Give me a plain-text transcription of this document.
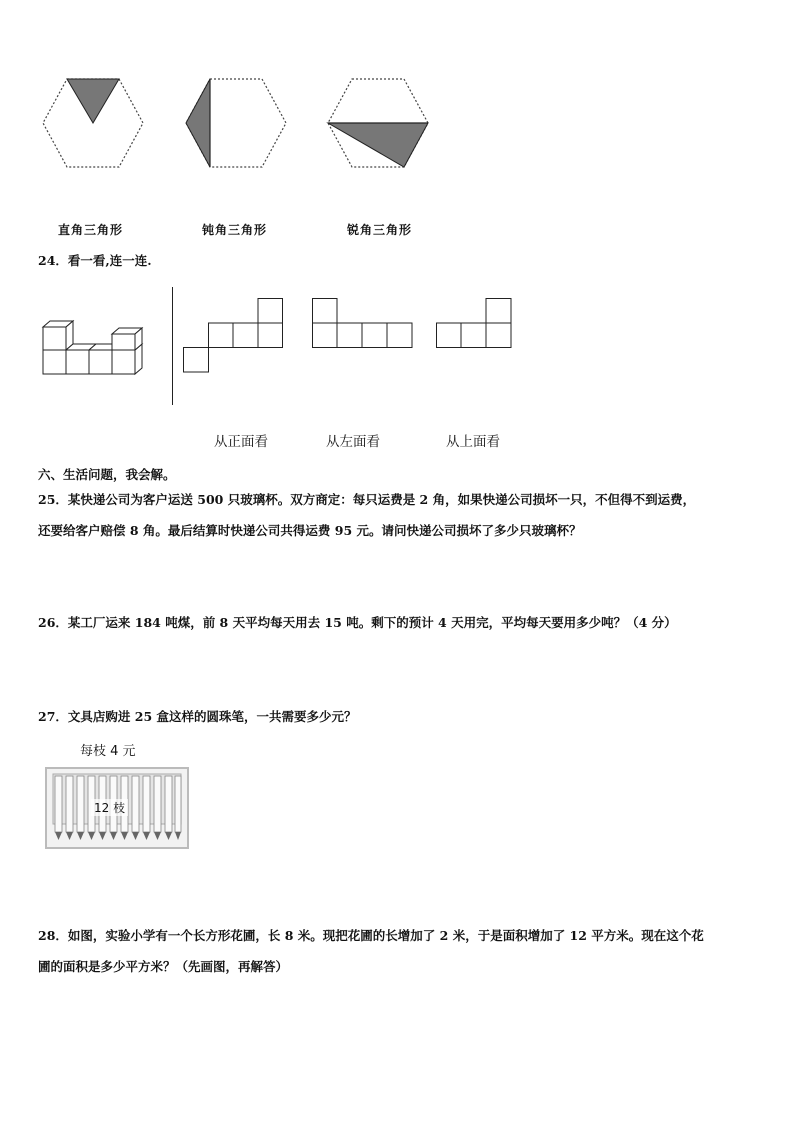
直角三角形	钝角三角形	锐角三角形
24．看一看,连一连.
从正面看	从左面看	从上面看
六、生活问题，我会解。
25．某快递公司为客户运送 500 只玻璃杯。双方商定：每只运费是 2 角，如果快递公司损坏一只，不但得不到运费，
还要给客户赔偿 8 角。最后结算时快递公司共得运费 95 元。请问快递公司损坏了多少只玻璃杯？
26．某工厂运来 184 吨煤，前 8 天平均每天用去 15 吨。剩下的预计 4 天用完，平均每天要用多少吨？（4 分）
27．文具店购进 25 盒这样的圆珠笔，一共需要多少元？
每枝 4 元
12 枝
28．如图，实验小学有一个长方形花圃，长 8 米。现把花圃的长增加了 2 米，于是面积增加了 12 平方米。现在这个花
圃的面积是多少平方米？（先画图，再解答）
